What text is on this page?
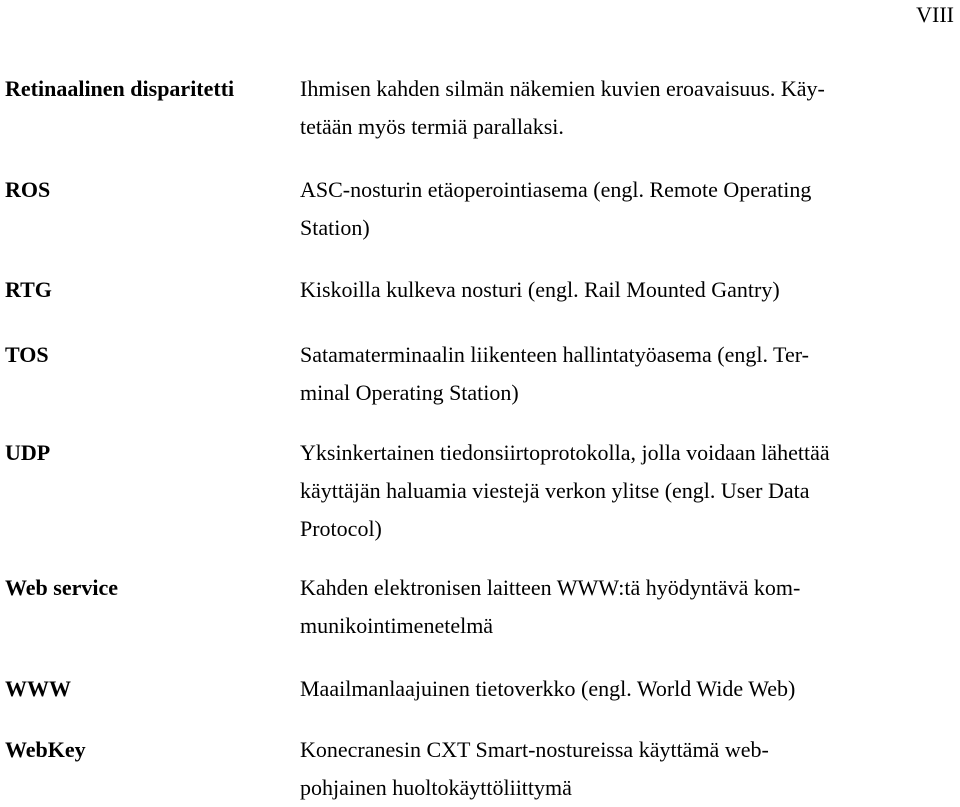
VIII
Retinaalinen disparitetti	Ihmisen kahden silmän näkemien kuvien eroavaisuus. Käy-
tetään myös termiä parallaksi.
ROS	ASC-nosturin etäoperointiasema (engl. Remote Operating
Station)
RTG	Kiskoilla kulkeva nosturi (engl. Rail Mounted Gantry)
TOS	Satamaterminaalin liikenteen hallintatyöasema (engl. Ter-
minal Operating Station)
UDP	Yksinkertainen tiedonsiirtoprotokolla, jolla voidaan lähettää
käyttäjän haluamia viestejä verkon ylitse (engl. User Data
Protocol)
Web service	Kahden elektronisen laitteen WWW:tä hyödyntävä kom-
munikointimenetelmä
WWW	Maailmanlaajuinen tietoverkko (engl. World Wide Web)
WebKey	Konecranesin CXT Smart-nostureissa käyttämä web-
pohjainen huoltokäyttöliittymä
